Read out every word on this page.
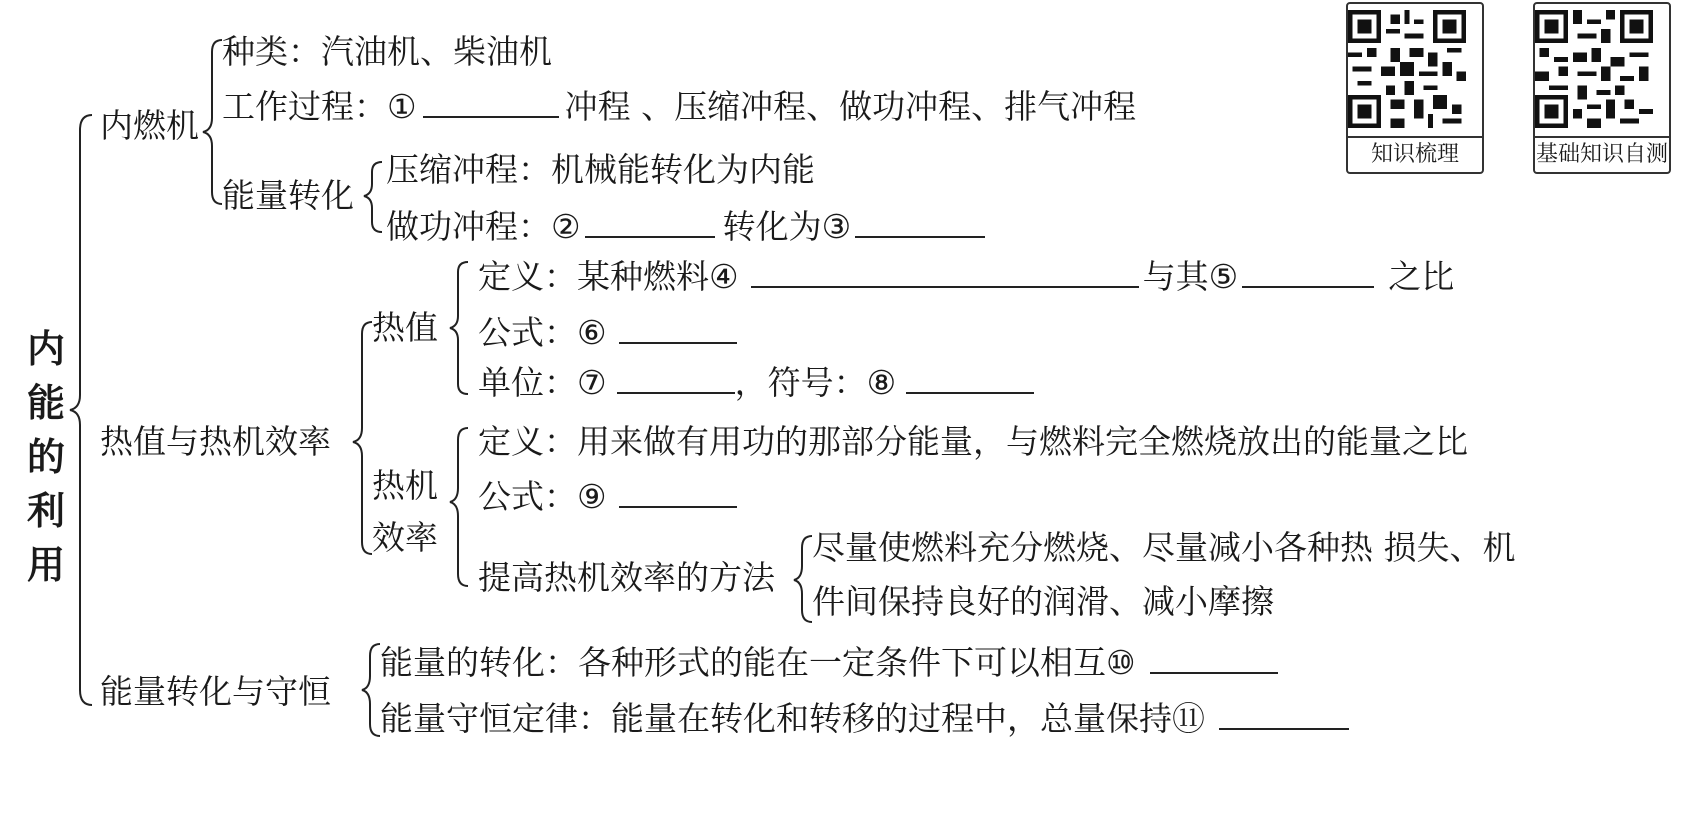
内能的利用
内燃机
种类：汽油机、柴油机
工作过程：①	冲程 、压缩冲程、做功冲程、排气冲程
能量转化
压缩冲程：机械能转化为内能
做功冲程：②	转化为③
热值与热机效率
热值
定义：某种燃料④	与其⑤	之比
公式：⑥
单位：⑦	，符号：⑧
热机
效率
定义：用来做有用功的那部分能量，与燃料完全燃烧放出的能量之比
公式：⑨
提高热机效率的方法
尽量使燃料充分燃烧、尽量减小各种热 损失、机
件间保持良好的润滑、减小摩擦
能量转化与守恒
能量的转化：各种形式的能在一定条件下可以相互⑩
能量守恒定律：能量在转化和转移的过程中，总量保持⑪
知识梳理	基础知识自测
